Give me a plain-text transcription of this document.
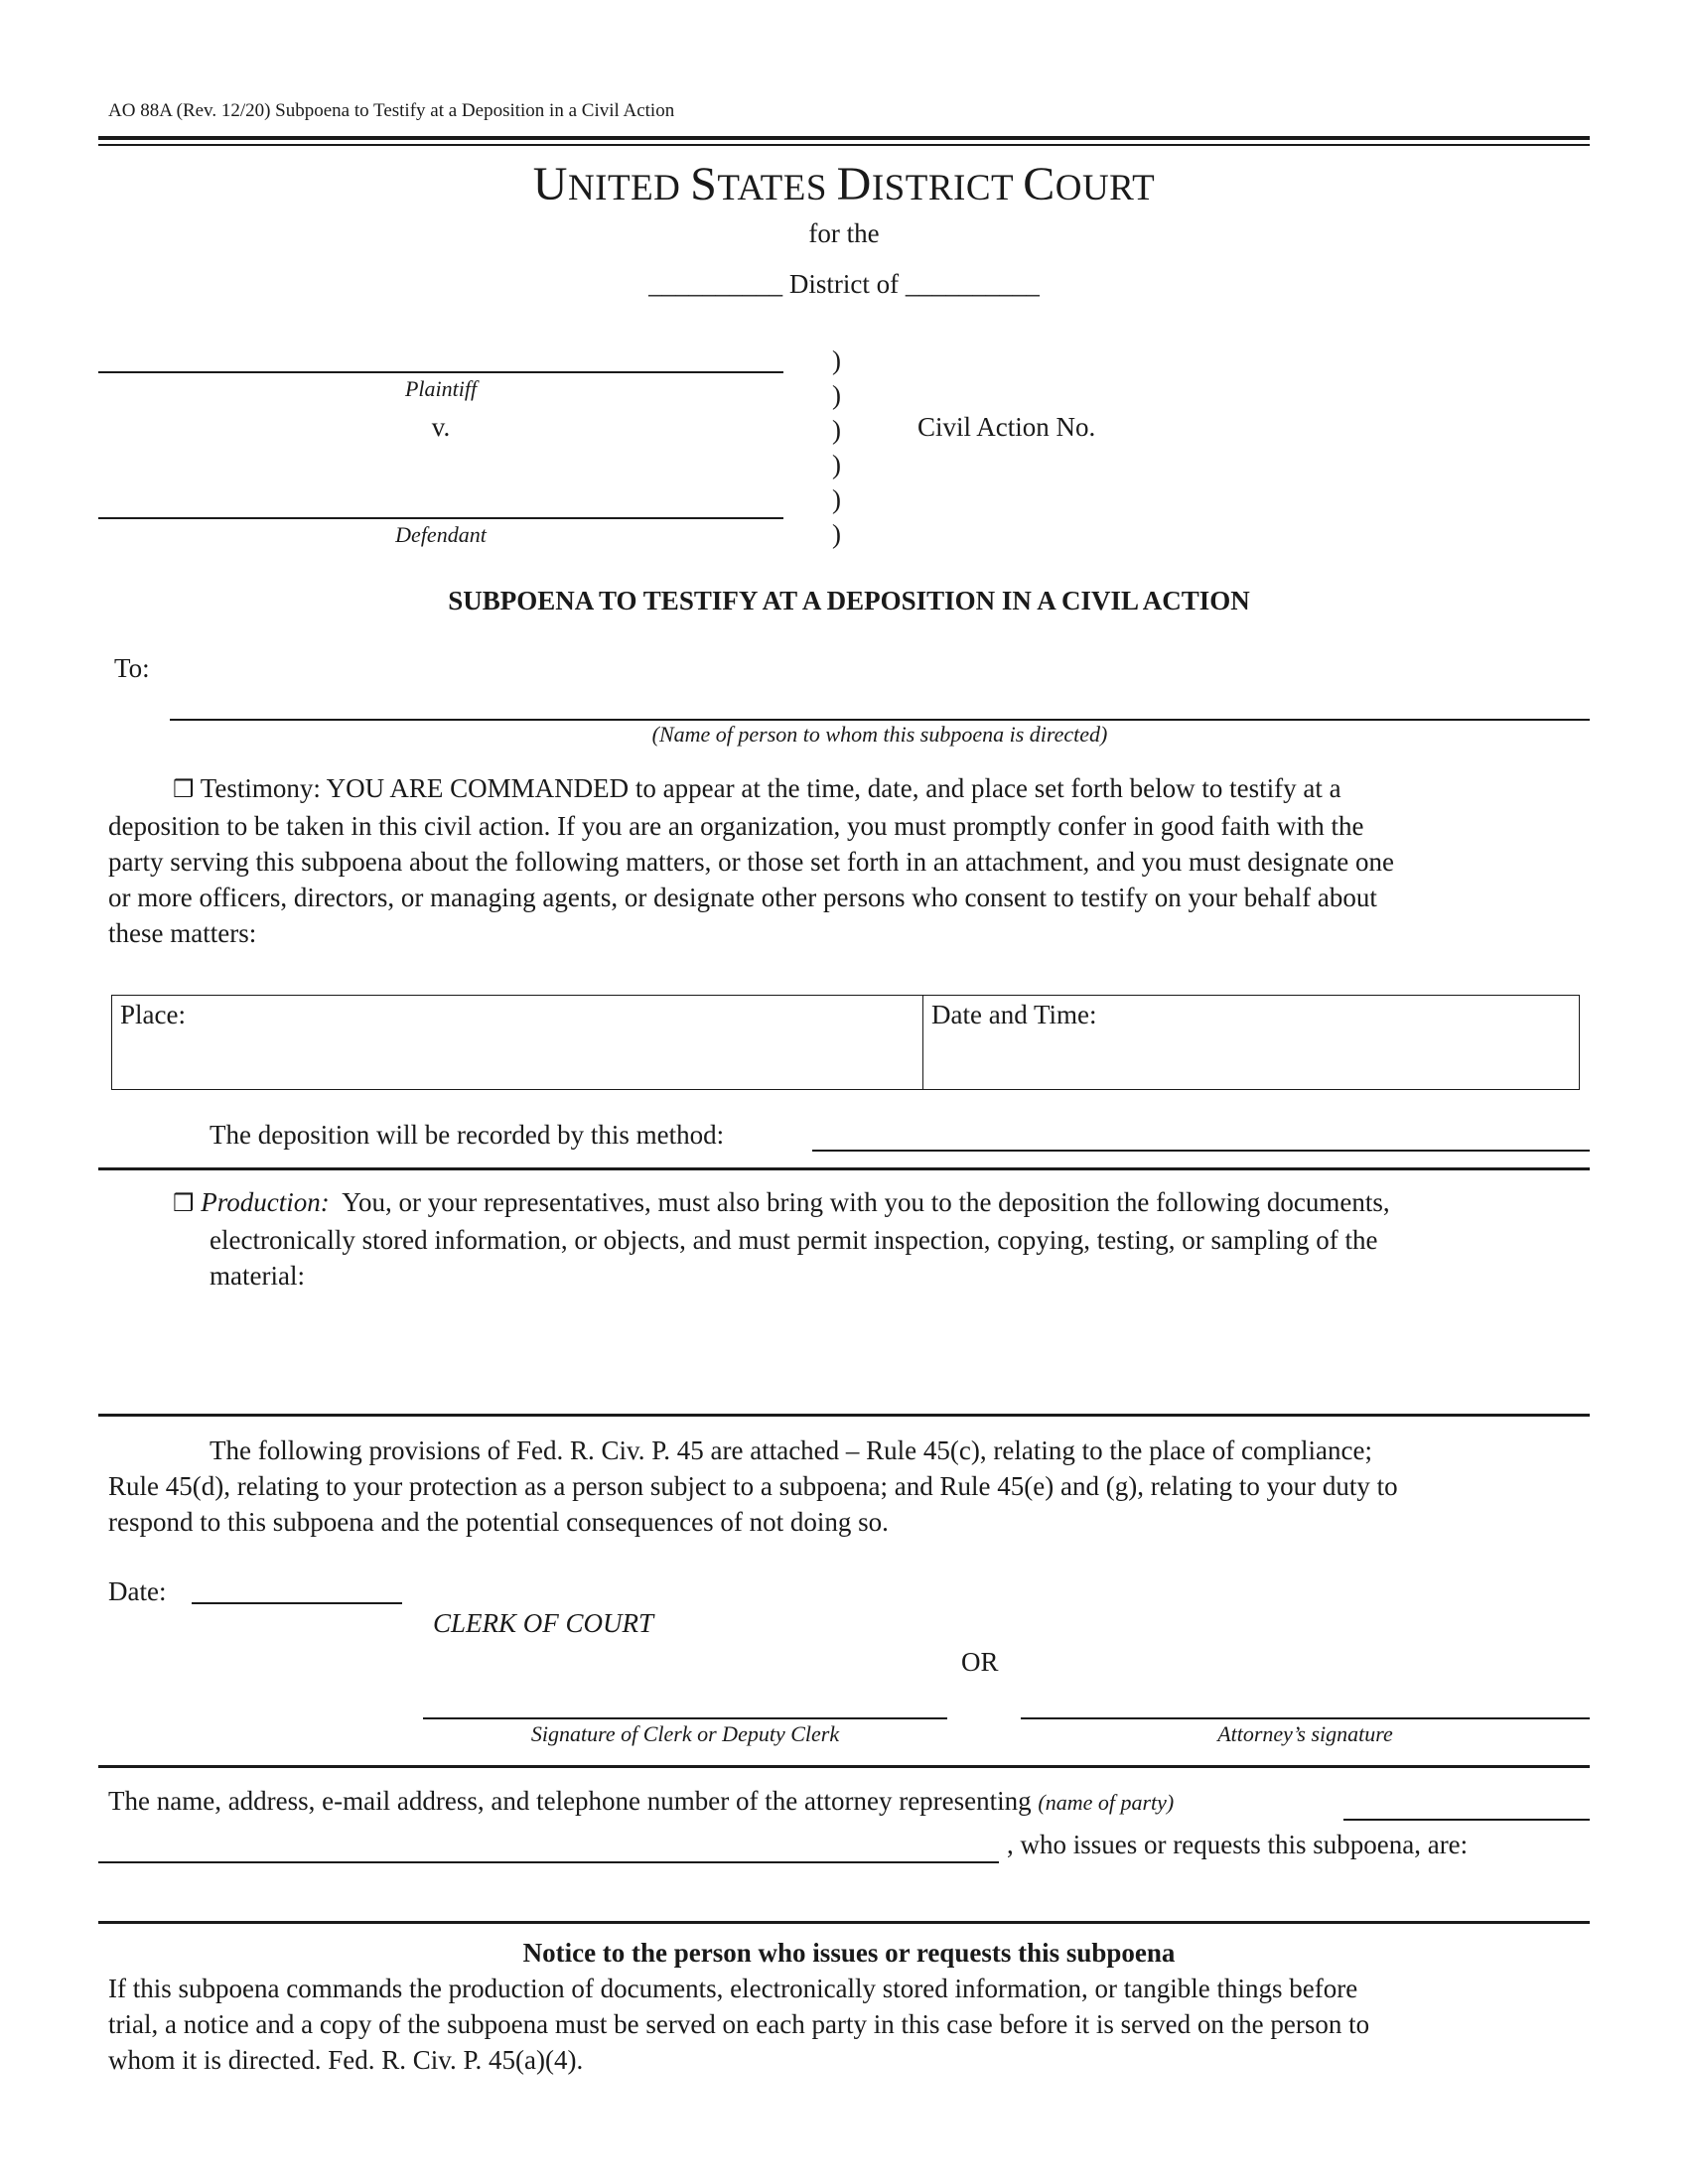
AO 88A (Rev. 12/20) Subpoena to Testify at a Deposition in a Civil Action
UNITED STATES DISTRICT COURT
for the
__________ District of __________
Plaintiff
v.
Defendant
)
)
)
)
)
)
Civil Action No.
SUBPOENA TO TESTIFY AT A DEPOSITION IN A CIVIL ACTION
To:
(Name of person to whom this subpoena is directed)
❒ Testimony: YOU ARE COMMANDED to appear at the time, date, and place set forth below to testify at a
deposition to be taken in this civil action. If you are an organization, you must promptly confer in good faith with the
party serving this subpoena about the following matters, or those set forth in an attachment, and you must designate one
or more officers, directors, or managing agents, or designate other persons who consent to testify on your behalf about
these matters:
Place:	Date and Time:
The deposition will be recorded by this method:
❒ Production: You, or your representatives, must also bring with you to the deposition the following documents,
electronically stored information, or objects, and must permit inspection, copying, testing, or sampling of the
material:
The following provisions of Fed. R. Civ. P. 45 are attached – Rule 45(c), relating to the place of compliance;
Rule 45(d), relating to your protection as a person subject to a subpoena; and Rule 45(e) and (g), relating to your duty to
respond to this subpoena and the potential consequences of not doing so.
Date:
CLERK OF COURT
OR
Signature of Clerk or Deputy Clerk	Attorney’s signature
The name, address, e-mail address, and telephone number of the attorney representing (name of party)
, who issues or requests this subpoena, are:
Notice to the person who issues or requests this subpoena
If this subpoena commands the production of documents, electronically stored information, or tangible things before
trial, a notice and a copy of the subpoena must be served on each party in this case before it is served on the person to
whom it is directed. Fed. R. Civ. P. 45(a)(4).
